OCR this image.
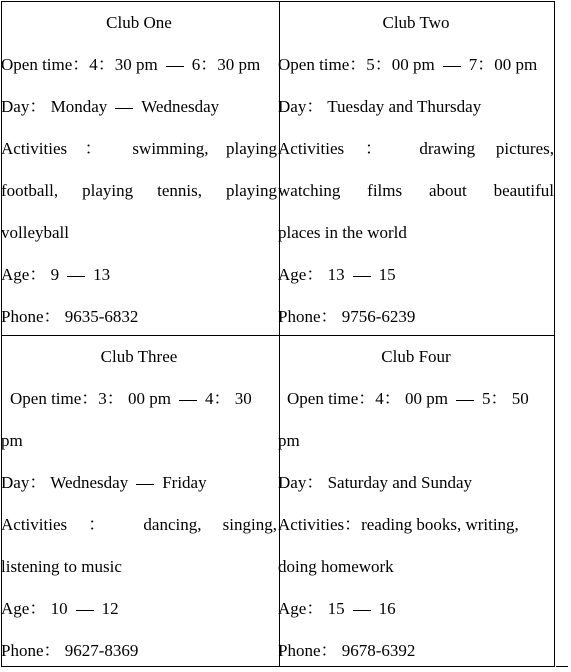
Club One
Open time：4：30 pm 6：30 pm
Day： Monday Wednesday
Activities ： swimming, playing
football, playing tennis, playing
volleyball
Age： 9 13
Phone： 9635-6832
Club Two
Open time：5：00 pm 7：00 pm
Day： Tuesday and Thursday
Activities ： drawing pictures,
watching films about beautiful
places in the world
Age： 13 15
Phone： 9756-6239
Club Three
Open time：3： 00 pm 4： 30
pm
Day： Wednesday Friday
Activities ： dancing, singing,
listening to music
Age： 10 12
Phone： 9627-8369
Club Four
Open time：4： 00 pm 5： 50
pm
Day： Saturday and Sunday
Activities：reading books, writing,
doing homework
Age： 15 16
Phone： 9678-6392
